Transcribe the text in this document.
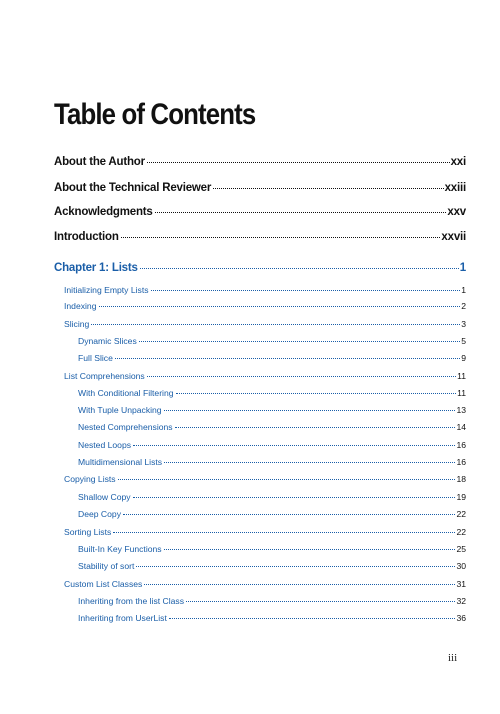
Table of Contents
About the Author	xxi
About the Technical Reviewer	xxiii
Acknowledgments	xxv
Introduction	xxvii
Chapter 1: Lists	1
Initializing Empty Lists	1
Indexing	2
Slicing	3
Dynamic Slices	5
Full Slice	9
List Comprehensions	11
With Conditional Filtering	11
With Tuple Unpacking	13
Nested Comprehensions	14
Nested Loops	16
Multidimensional Lists	16
Copying Lists	18
Shallow Copy	19
Deep Copy	22
Sorting Lists	22
Built-In Key Functions	25
Stability of sort	30
Custom List Classes	31
Inheriting from the list Class	32
Inheriting from UserList	36

iii
